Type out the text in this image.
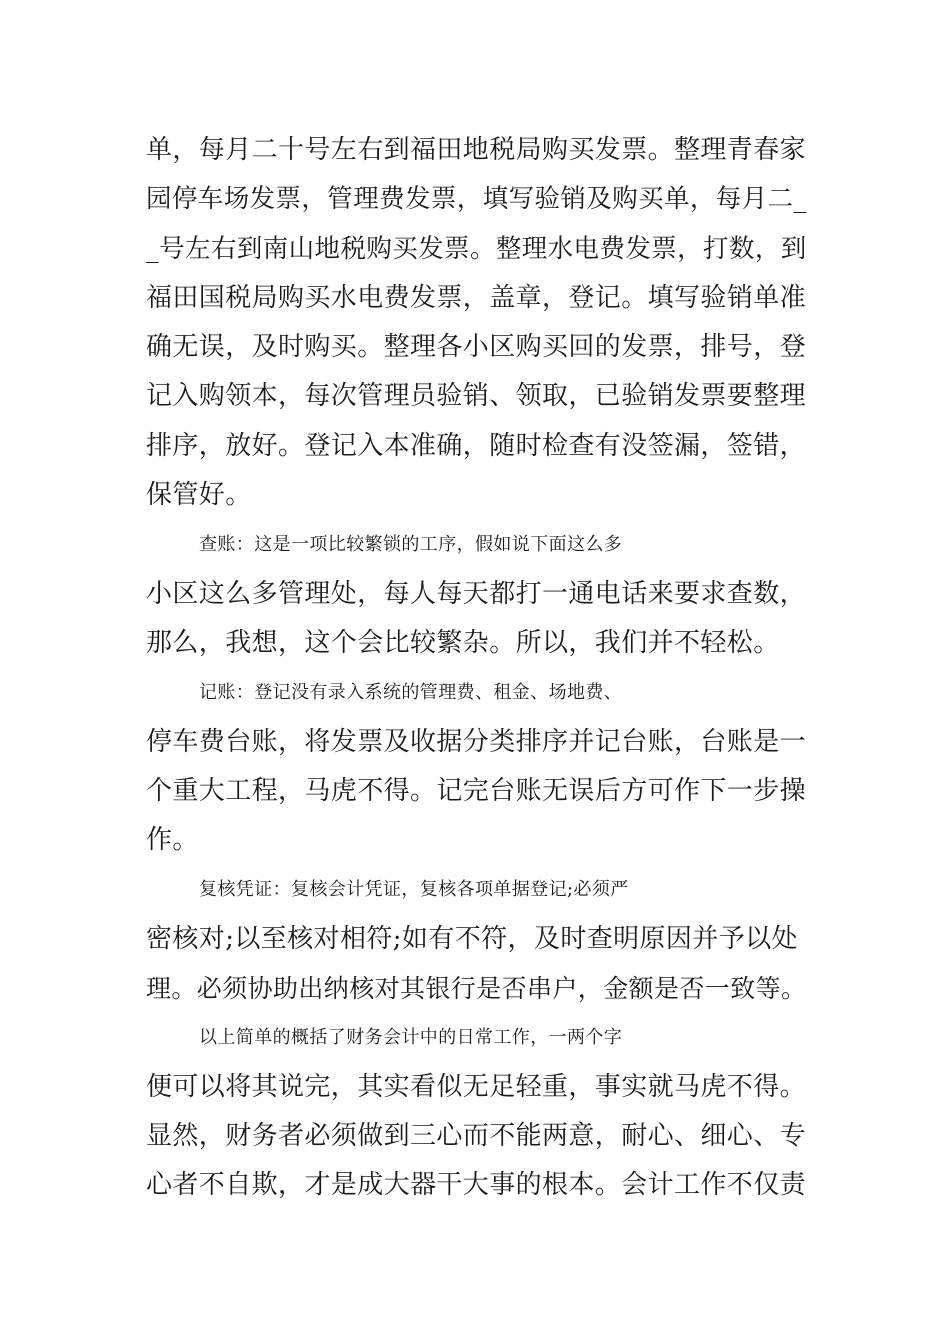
单，每月二十号左右到福田地税局购买发票。整理青春家
园停车场发票，管理费发票，填写验销及购买单，每月二_
_号左右到南山地税购买发票。整理水电费发票，打数，到
福田国税局购买水电费发票，盖章，登记。填写验销单准
确无误，及时购买。整理各小区购买回的发票，排号，登
记入购领本，每次管理员验销、领取，已验销发票要整理
排序，放好。登记入本准确，随时检查有没签漏，签错，
保管好。
查账：这是一项比较繁锁的工序，假如说下面这么多
小区这么多管理处，每人每天都打一通电话来要求查数，
那么，我想，这个会比较繁杂。所以，我们并不轻松。
记账：登记没有录入系统的管理费、租金、场地费、
停车费台账，将发票及收据分类排序并记台账，台账是一
个重大工程，马虎不得。记完台账无误后方可作下一步操
作。
复核凭证：复核会计凭证，复核各项单据登记;必须严
密核对;以至核对相符;如有不符，及时查明原因并予以处
理。必须协助出纳核对其银行是否串户，金额是否一致等。
以上简单的概括了财务会计中的日常工作，一两个字
便可以将其说完，其实看似无足轻重，事实就马虎不得。
显然，财务者必须做到三心而不能两意，耐心、细心、专
心者不自欺，才是成大器干大事的根本。会计工作不仅责
